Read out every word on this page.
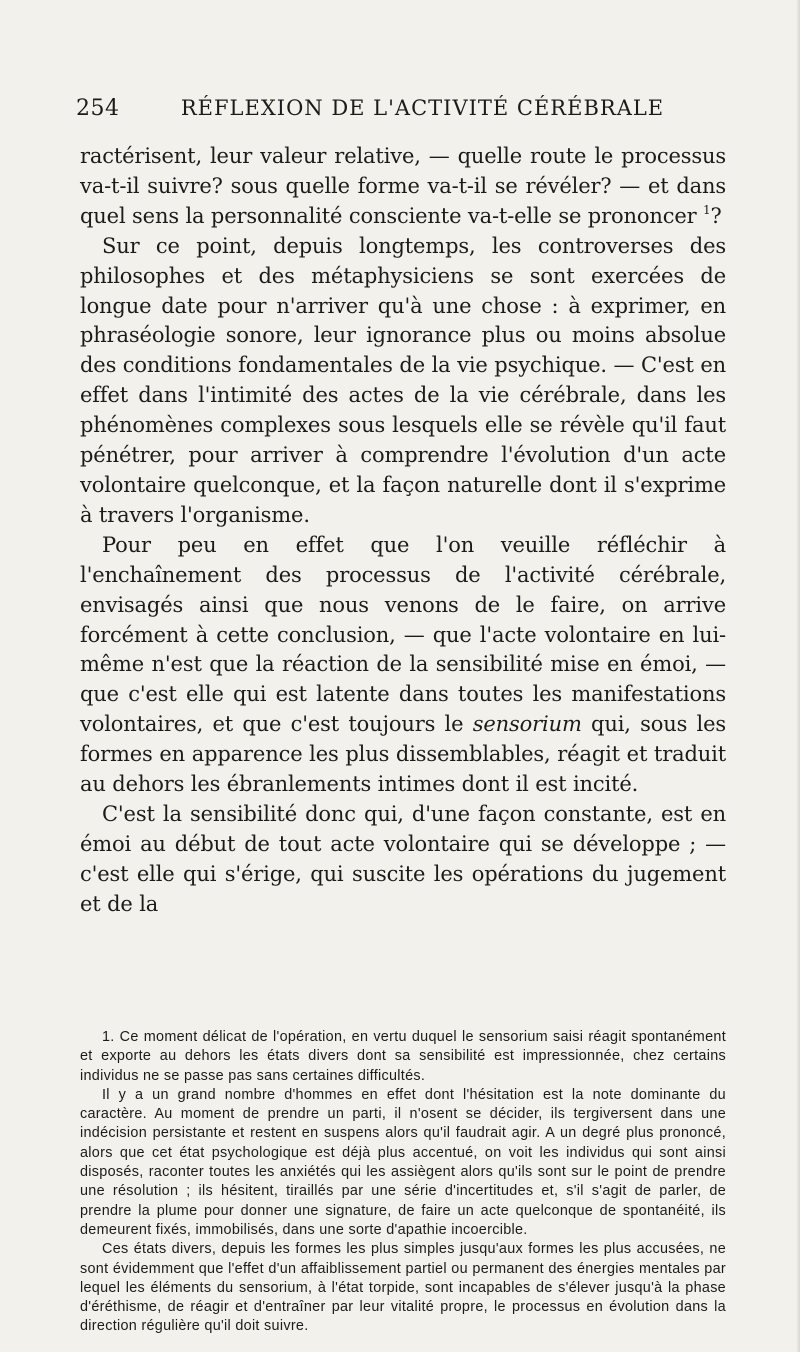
254	RÉFLEXION DE L'ACTIVITÉ CÉRÉBRALE

ractérisent, leur valeur relative, — quelle route le processus va-t-il suivre? sous quelle forme va-t-il se révéler? — et dans quel sens la personnalité consciente va-t-elle se prononcer $^1$?

Sur ce point, depuis longtemps, les controverses des philosophes et des métaphysiciens se sont exercées de longue date pour n'arriver qu'à une chose : à exprimer, en phraséologie sonore, leur ignorance plus ou moins absolue des conditions fondamentales de la vie psychique. — C'est en effet dans l'intimité des actes de la vie cérébrale, dans les phénomènes complexes sous lesquels elle se révèle qu'il faut pénétrer, pour arriver à comprendre l'évolution d'un acte volontaire quelconque, et la façon naturelle dont il s'exprime à travers l'organisme.

Pour peu en effet que l'on veuille réfléchir à l'enchaînement des processus de l'activité cérébrale, envisagés ainsi que nous venons de le faire, on arrive forcément à cette conclusion, — que l'acte volontaire en lui-même n'est que la réaction de la sensibilité mise en émoi, — que c'est elle qui est latente dans toutes les manifestations volontaires, et que c'est toujours le sensorium qui, sous les formes en apparence les plus dissemblables, réagit et traduit au dehors les ébranlements intimes dont il est incité.

C'est la sensibilité donc qui, d'une façon constante, est en émoi au début de tout acte volontaire qui se développe ; — c'est elle qui s'érige, qui suscite les opérations du jugement et de la

1. Ce moment délicat de l'opération, en vertu duquel le sensorium saisi réagit spontanément et exporte au dehors les états divers dont sa sensibilité est impressionnée, chez certains individus ne se passe pas sans certaines difficultés.

Il y a un grand nombre d'hommes en effet dont l'hésitation est la note dominante du caractère. Au moment de prendre un parti, il n'osent se décider, ils tergiversent dans une indécision persistante et restent en suspens alors qu'il faudrait agir. A un degré plus prononcé, alors que cet état psychologique est déjà plus accentué, on voit les individus qui sont ainsi disposés, raconter toutes les anxiétés qui les assiègent alors qu'ils sont sur le point de prendre une résolution ; ils hésitent, tiraillés par une série d'incertitudes et, s'il s'agit de parler, de prendre la plume pour donner une signature, de faire un acte quelconque de spontanéité, ils demeurent fixés, immobilisés, dans une sorte d'apathie incoercible.

Ces états divers, depuis les formes les plus simples jusqu'aux formes les plus accusées, ne sont évidemment que l'effet d'un affaiblissement partiel ou permanent des énergies mentales par lequel les éléments du sensorium, à l'état torpide, sont incapables de s'élever jusqu'à la phase d'éréthisme, de réagir et d'entraîner par leur vitalité propre, le processus en évolution dans la direction régulière qu'il doit suivre.
